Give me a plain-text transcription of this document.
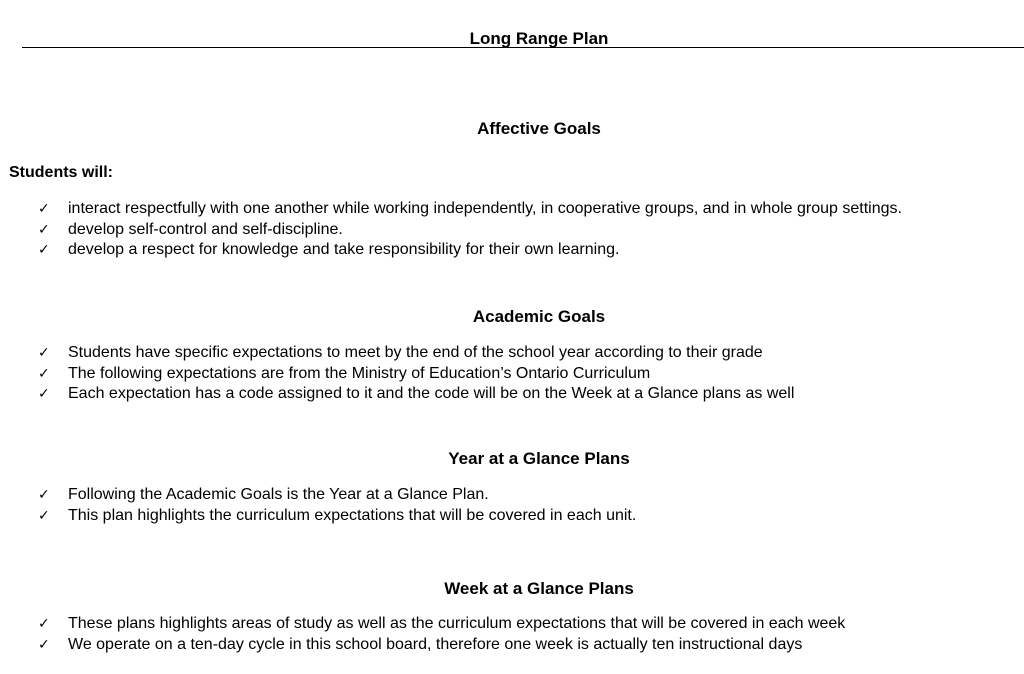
Long Range Plan
Affective Goals
Students will:
✓ interact respectfully with one another while working independently, in cooperative groups, and in whole group settings.
✓ develop self-control and self-discipline.
✓ develop a respect for knowledge and take responsibility for their own learning.
Academic Goals
✓ Students have specific expectations to meet by the end of the school year according to their grade
✓ The following expectations are from the Ministry of Education’s Ontario Curriculum
✓ Each expectation has a code assigned to it and the code will be on the Week at a Glance plans as well
Year at a Glance Plans
✓ Following the Academic Goals is the Year at a Glance Plan.
✓ This plan highlights the curriculum expectations that will be covered in each unit.
Week at a Glance Plans
✓ These plans highlights areas of study as well as the curriculum expectations that will be covered in each week
✓ We operate on a ten-day cycle in this school board, therefore one week is actually ten instructional days
